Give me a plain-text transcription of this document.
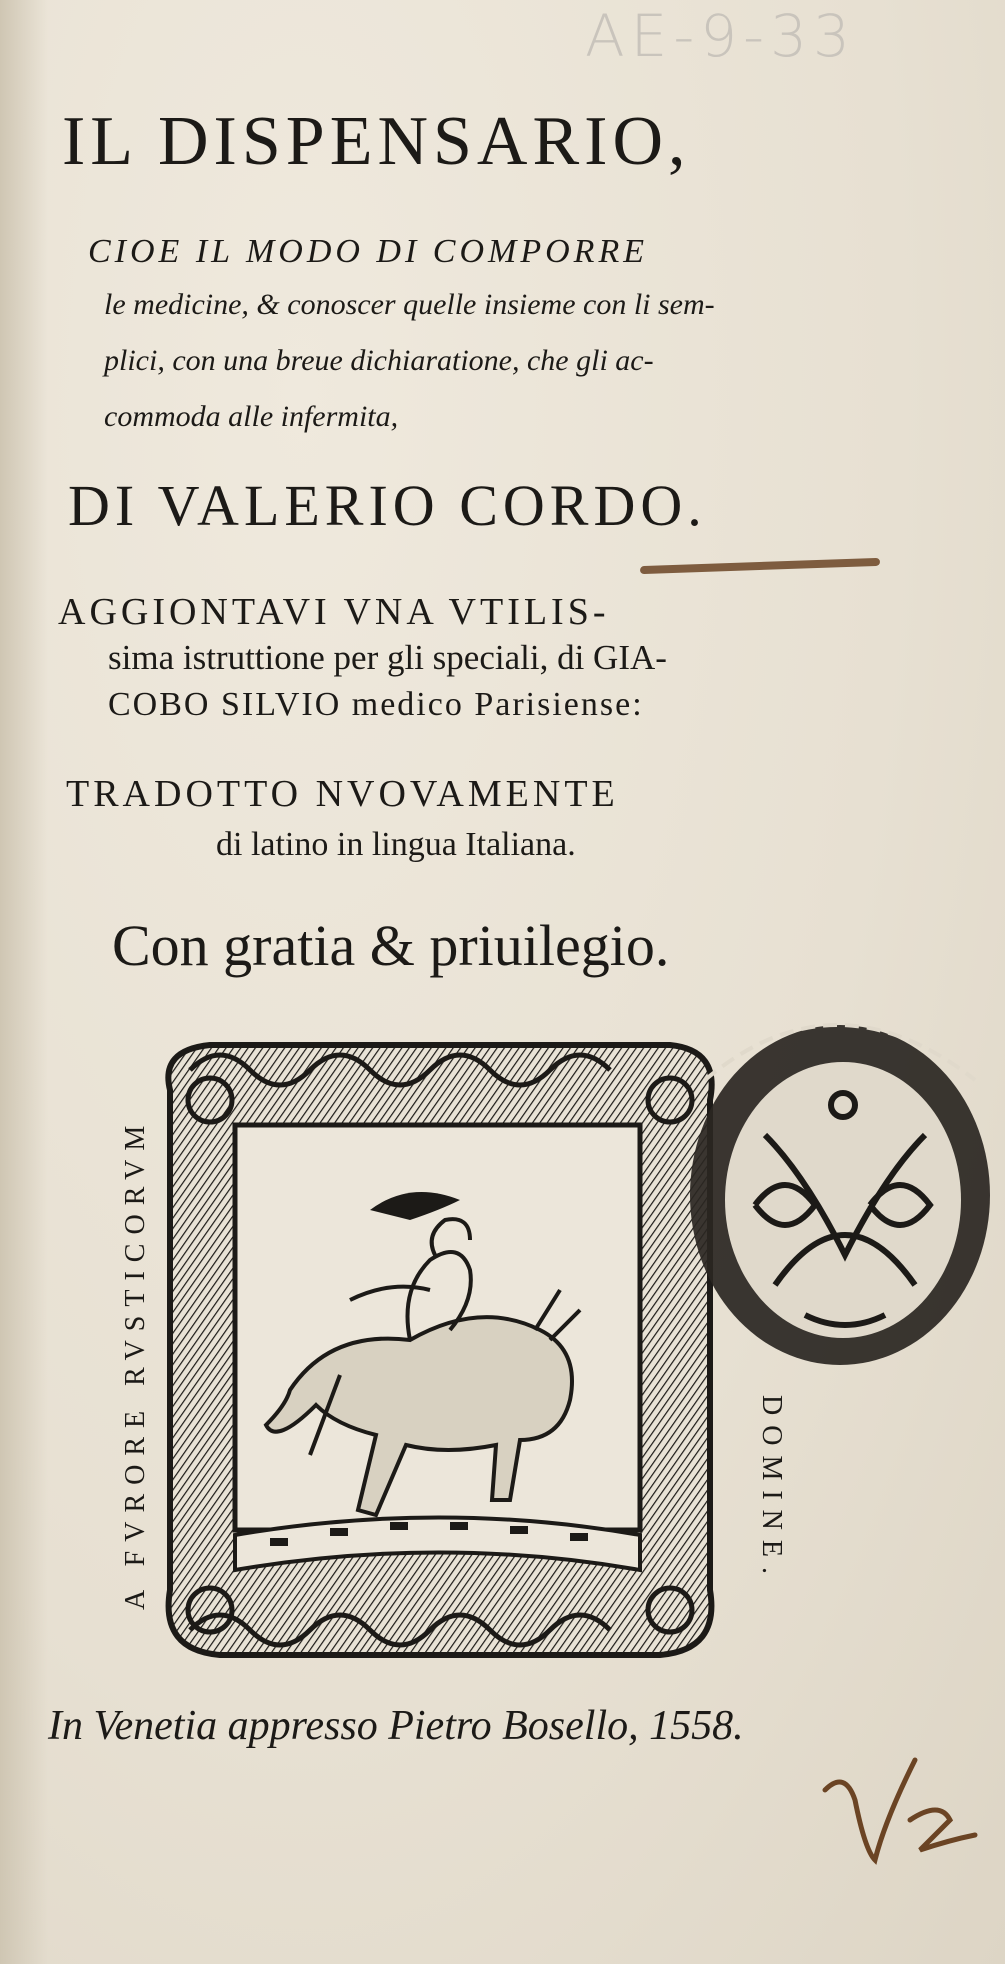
AE-9-33
IL DISPENSARIO,
CIOE IL MODO DI COMPORRE
le medicine, & conoscer quelle insieme con li sem-
plici, con una breue dichiaratione, che gli ac-
commoda alle infermita,
DI VALERIO CORDO.
AGGIONTAVI VNA VTILIS-
sima istruttione per gli speciali, di GIA-
COBO SILVIO medico Parisiense:
TRADOTTO NVOVAMENTE
di latino in lingua Italiana.
Con gratia & priuilegio.
A FVRORE RVSTICORVM	DOMINE.
In Venetia appresso Pietro Bosello, 1558.
